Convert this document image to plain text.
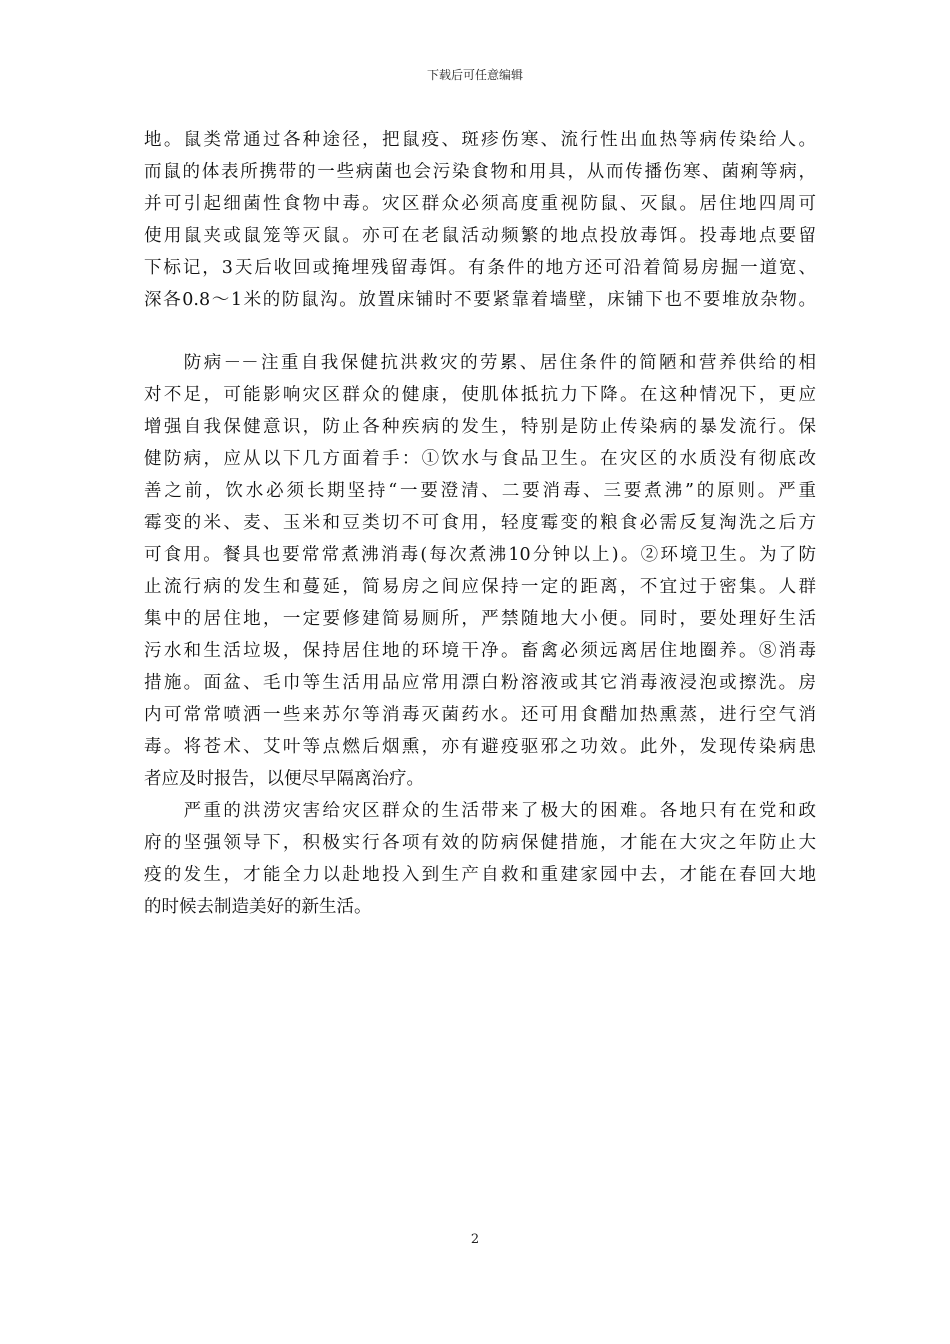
下载后可任意编辑
地。鼠类常通过各种途径，把鼠疫、斑疹伤寒、流行性出血热等病传染给人。
而鼠的体表所携带的一些病菌也会污染食物和用具，从而传播伤寒、菌痢等病，
并可引起细菌性食物中毒。灾区群众必须高度重视防鼠、灭鼠。居住地四周可
使用鼠夹或鼠笼等灭鼠。亦可在老鼠活动频繁的地点投放毒饵。投毒地点要留
下标记，3天后收回或掩埋残留毒饵。有条件的地方还可沿着简易房掘一道宽、
深各0.8～1米的防鼠沟。放置床铺时不要紧靠着墙壁，床铺下也不要堆放杂物。
　　防病－－注重自我保健抗洪救灾的劳累、居住条件的简陋和营养供给的相
对不足，可能影响灾区群众的健康，使肌体抵抗力下降。在这种情况下，更应
增强自我保健意识，防止各种疾病的发生，特别是防止传染病的暴发流行。保
健防病，应从以下几方面着手：①饮水与食品卫生。在灾区的水质没有彻底改
善之前，饮水必须长期坚持“一要澄清、二要消毒、三要煮沸”的原则。严重
霉变的米、麦、玉米和豆类切不可食用，轻度霉变的粮食必需反复淘洗之后方
可食用。餐具也要常常煮沸消毒(每次煮沸10分钟以上)。②环境卫生。为了防
止流行病的发生和蔓延，简易房之间应保持一定的距离，不宜过于密集。人群
集中的居住地，一定要修建简易厕所，严禁随地大小便。同时，要处理好生活
污水和生活垃圾，保持居住地的环境干净。畜禽必须远离居住地圈养。⑧消毒
措施。面盆、毛巾等生活用品应常用漂白粉溶液或其它消毒液浸泡或擦洗。房
内可常常喷洒一些来苏尔等消毒灭菌药水。还可用食醋加热熏蒸，进行空气消
毒。将苍术、艾叶等点燃后烟熏，亦有避疫驱邪之功效。此外，发现传染病患
者应及时报告，以便尽早隔离治疗。
　　严重的洪涝灾害给灾区群众的生活带来了极大的困难。各地只有在党和政
府的坚强领导下，积极实行各项有效的防病保健措施，才能在大灾之年防止大
疫的发生，才能全力以赴地投入到生产自救和重建家园中去，才能在春回大地
的时候去制造美好的新生活。
2
